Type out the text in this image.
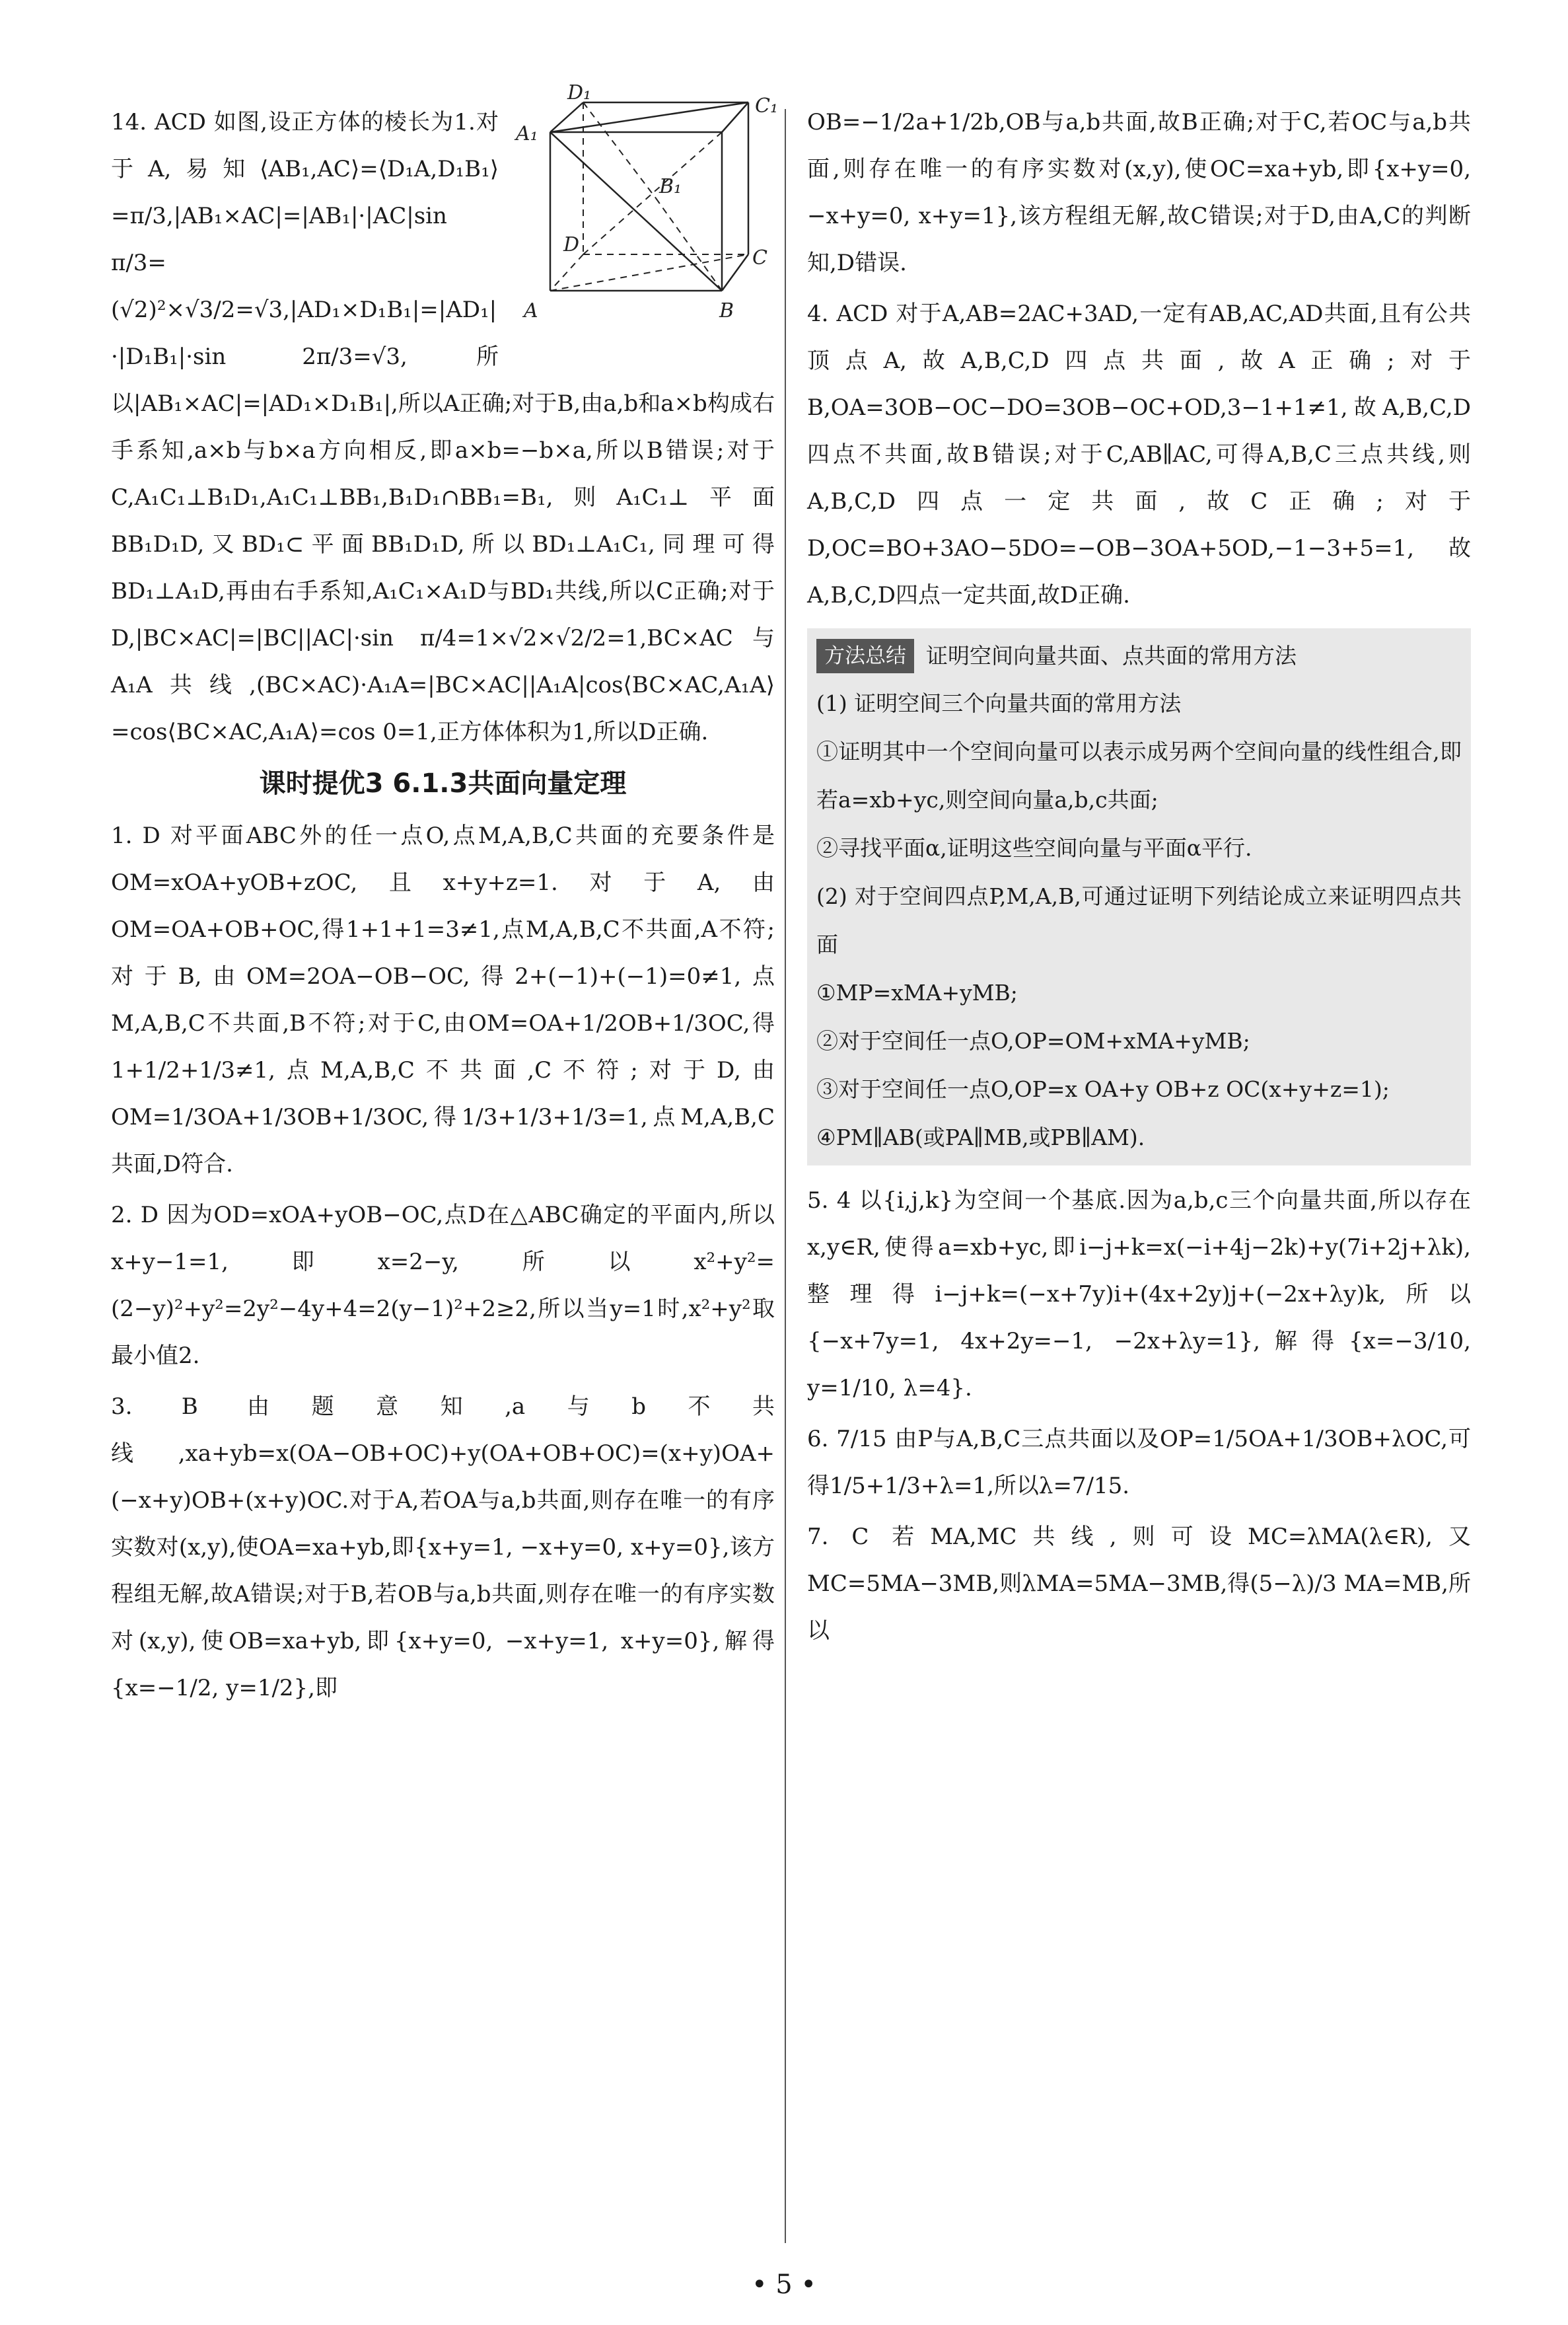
D₁
C₁
A₁
B₁
D
C
A	B

14. ACD 如图,设正方体的棱长为1.对于A,易知⟨AB₁,AC⟩=⟨D₁A,D₁B₁⟩=π/3,|AB₁×AC|=|AB₁|·|AC|sin π/3=(√2)²×√3/2=√3,|AD₁×D₁B₁|=|AD₁|·|D₁B₁|·sin 2π/3=√3,所以|AB₁×AC|=|AD₁×D₁B₁|,所以A正确;对于B,由a,b和a×b构成右手系知,a×b与b×a方向相反,即a×b=−b×a,所以B错误;对于C,A₁C₁⊥B₁D₁,A₁C₁⊥BB₁,B₁D₁∩BB₁=B₁,则A₁C₁⊥平面BB₁D₁D,又BD₁⊂平面BB₁D₁D,所以BD₁⊥A₁C₁,同理可得BD₁⊥A₁D,再由右手系知,A₁C₁×A₁D与BD₁共线,所以C正确;对于D,|BC×AC|=|BC||AC|·sin π/4=1×√2×√2/2=1,BC×AC与A₁A共线,(BC×AC)·A₁A=|BC×AC||A₁A|cos⟨BC×AC,A₁A⟩=cos⟨BC×AC,A₁A⟩=cos 0=1,正方体体积为1,所以D正确.

课时提优3 6.1.3共面向量定理

1. D 对平面ABC外的任一点O,点M,A,B,C共面的充要条件是OM=xOA+yOB+zOC,且x+y+z=1.对于A,由OM=OA+OB+OC,得1+1+1=3≠1,点M,A,B,C不共面,A不符;对于B,由OM=2OA−OB−OC,得2+(−1)+(−1)=0≠1,点M,A,B,C不共面,B不符;对于C,由OM=OA+1/2OB+1/3OC,得1+1/2+1/3≠1,点M,A,B,C不共面,C不符;对于D,由OM=1/3OA+1/3OB+1/3OC,得1/3+1/3+1/3=1,点M,A,B,C共面,D符合.

2. D 因为OD=xOA+yOB−OC,点D在△ABC确定的平面内,所以x+y−1=1,即x=2−y,所以x²+y²=(2−y)²+y²=2y²−4y+4=2(y−1)²+2≥2,所以当y=1时,x²+y²取最小值2.

3. B 由题意知,a与b不共线,xa+yb=x(OA−OB+OC)+y(OA+OB+OC)=(x+y)OA+(−x+y)OB+(x+y)OC.对于A,若OA与a,b共面,则存在唯一的有序实数对(x,y),使OA=xa+yb,即{x+y=1, −x+y=0, x+y=0},该方程组无解,故A错误;对于B,若OB与a,b共面,则存在唯一的有序实数对(x,y),使OB=xa+yb,即{x+y=0, −x+y=1, x+y=0},解得{x=−1/2, y=1/2},即

OB=−1/2a+1/2b,OB与a,b共面,故B正确;对于C,若OC与a,b共面,则存在唯一的有序实数对(x,y),使OC=xa+yb,即{x+y=0, −x+y=0, x+y=1},该方程组无解,故C错误;对于D,由A,C的判断知,D错误.

4. ACD 对于A,AB=2AC+3AD,一定有AB,AC,AD共面,且有公共顶点A,故A,B,C,D四点共面,故A正确;对于B,OA=3OB−OC−DO=3OB−OC+OD,3−1+1≠1,故A,B,C,D四点不共面,故B错误;对于C,AB∥AC,可得A,B,C三点共线,则A,B,C,D四点一定共面,故C正确;对于D,OC=BO+3AO−5DO=−OB−3OA+5OD,−1−3+5=1,故A,B,C,D四点一定共面,故D正确.

方法总结 证明空间向量共面、点共面的常用方法

(1) 证明空间三个向量共面的常用方法

①证明其中一个空间向量可以表示成另两个空间向量的线性组合,即若a=xb+yc,则空间向量a,b,c共面;

②寻找平面α,证明这些空间向量与平面α平行.

(2) 对于空间四点P,M,A,B,可通过证明下列结论成立来证明四点共面

①MP=xMA+yMB;

②对于空间任一点O,OP=OM+xMA+yMB;

③对于空间任一点O,OP=x OA+y OB+z OC(x+y+z=1);

④PM∥AB(或PA∥MB,或PB∥AM).

5. 4 以{i,j,k}为空间一个基底.因为a,b,c三个向量共面,所以存在x,y∈R,使得a=xb+yc,即i−j+k=x(−i+4j−2k)+y(7i+2j+λk),整理得i−j+k=(−x+7y)i+(4x+2y)j+(−2x+λy)k,所以{−x+7y=1, 4x+2y=−1, −2x+λy=1},解得{x=−3/10, y=1/10, λ=4}.

6. 7/15 由P与A,B,C三点共面以及OP=1/5OA+1/3OB+λOC,可得1/5+1/3+λ=1,所以λ=7/15.

7. C 若MA,MC共线,则可设MC=λMA(λ∈R),又MC=5MA−3MB,则λMA=5MA−3MB,得(5−λ)/3 MA=MB,所以

• 5 •
